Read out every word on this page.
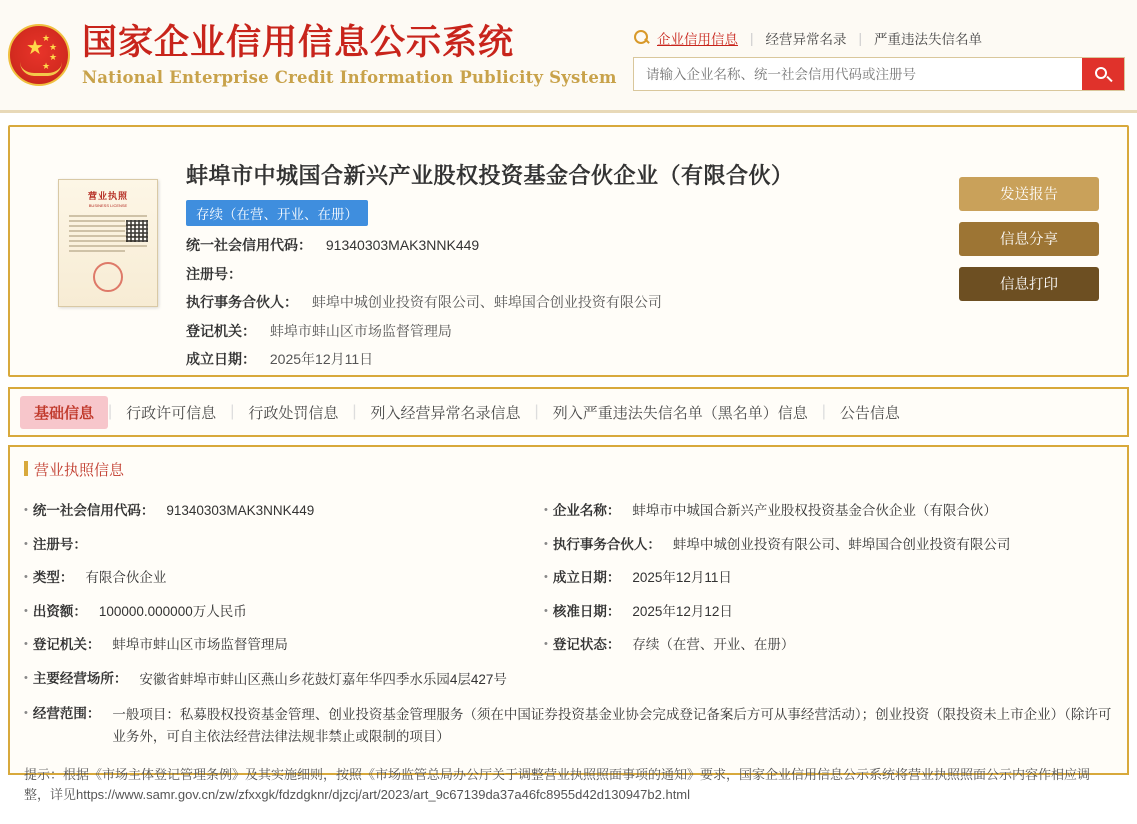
★
★
★
★
★
国家企业信用信息公示系统
National Enterprise Credit Information Publicity System
企业信用信息 | 经营异常名录 | 严重违法失信名单
请输入企业名称、统一社会信用代码或注册号
营业执照
BUSINESS LICENSE
蚌埠市中城国合新兴产业股权投资基金合伙企业（有限合伙）
存续（在营、开业、在册）
统一社会信用代码： 91340303MAK3NNK449
注册号：
执行事务合伙人： 蚌埠中城创业投资有限公司、蚌埠国合创业投资有限公司
登记机关： 蚌埠市蚌山区市场监督管理局
成立日期： 2025年12月11日
发送报告
信息分享
信息打印
基础信息 | 行政许可信息 | 行政处罚信息 | 列入经营异常名录信息 | 列入严重违法失信名单（黑名单）信息 | 公告信息
营业执照信息
• 统一社会信用代码： 91340303MAK3NNK449	• 企业名称： 蚌埠市中城国合新兴产业股权投资基金合伙企业（有限合伙）
• 注册号：	• 执行事务合伙人： 蚌埠中城创业投资有限公司、蚌埠国合创业投资有限公司
• 类型： 有限合伙企业	• 成立日期： 2025年12月11日
• 出资额： 100000.000000万人民币	• 核准日期： 2025年12月12日
• 登记机关： 蚌埠市蚌山区市场监督管理局	• 登记状态： 存续（在营、开业、在册）
• 主要经营场所： 安徽省蚌埠市蚌山区燕山乡花鼓灯嘉年华四季水乐园4层427号
• 经营范围： 一般项目：私募股权投资基金管理、创业投资基金管理服务（须在中国证券投资基金业协会完成登记备案后方可从事经营活动）；创业投资（限投资未上市企业）（除许可业务外，可自主依法经营法律法规非禁止或限制的项目）
提示：根据《市场主体登记管理条例》及其实施细则，按照《市场监管总局办公厅关于调整营业执照照面事项的通知》要求，国家企业信用信息公示系统将营业执照照面公示内容作相应调整，详见https://www.samr.gov.cn/zw/zfxxgk/fdzdgknr/djzcj/art/2023/art_9c67139da37a46fc8955d42d130947b2.html
